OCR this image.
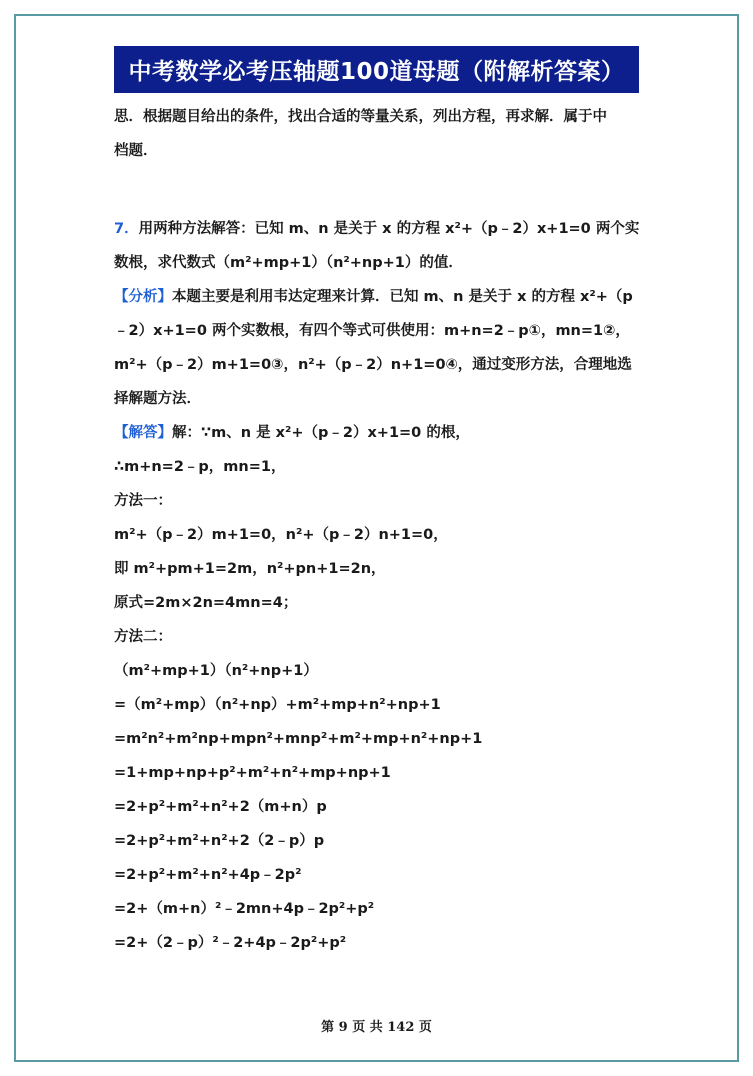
中考数学必考压轴题100道母题（附解析答案）
思．根据题目给出的条件，找出合适的等量关系，列出方程，再求解．属于中
档题．
7．用两种方法解答：已知 m、n 是关于 x 的方程 x²+（p﹣2）x+1=0 两个实
数根，求代数式（m²+mp+1）（n²+np+1）的值．
【分析】本题主要是利用韦达定理来计算．已知 m、n 是关于 x 的方程 x²+（p
﹣2）x+1=0 两个实数根，有四个等式可供使用：m+n=2﹣p①，mn=1②，
m²+（p﹣2）m+1=0③，n²+（p﹣2）n+1=0④，通过变形方法，合理地选
择解题方法．
【解答】解：∵m、n 是 x²+（p﹣2）x+1=0 的根，
∴m+n=2﹣p，mn=1，
方法一：
m²+（p﹣2）m+1=0，n²+（p﹣2）n+1=0，
即 m²+pm+1=2m，n²+pn+1=2n，
原式=2m×2n=4mn=4；
方法二：
（m²+mp+1）（n²+np+1）
=（m²+mp）（n²+np）+m²+mp+n²+np+1
=m²n²+m²np+mpn²+mnp²+m²+mp+n²+np+1
=1+mp+np+p²+m²+n²+mp+np+1
=2+p²+m²+n²+2（m+n）p
=2+p²+m²+n²+2（2﹣p）p
=2+p²+m²+n²+4p﹣2p²
=2+（m+n）²﹣2mn+4p﹣2p²+p²
=2+（2﹣p）²﹣2+4p﹣2p²+p²
第 9 页 共 142 页
